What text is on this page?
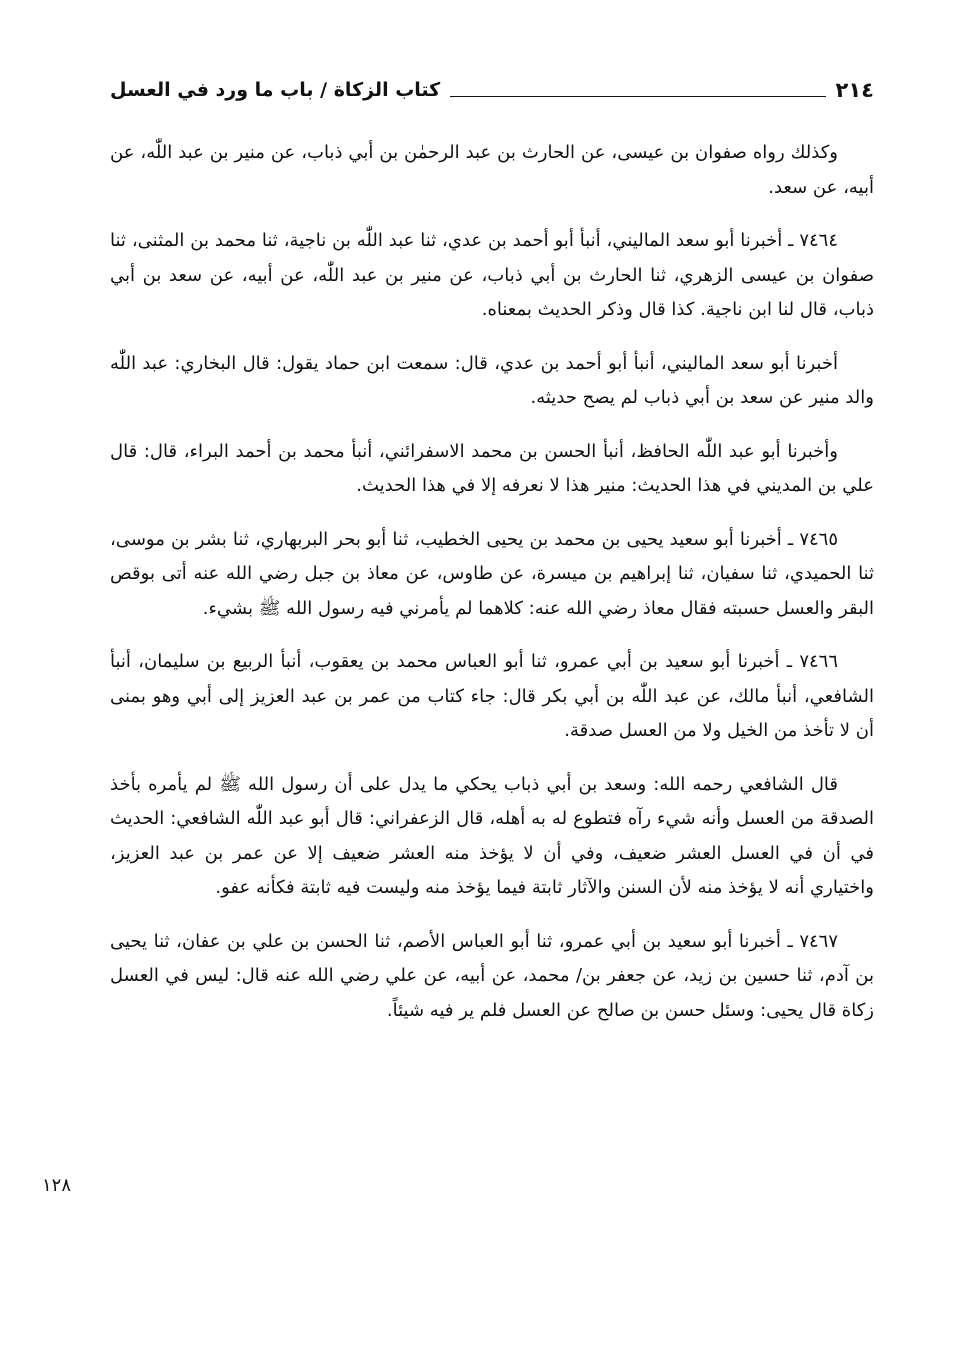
٢١٤
كتاب الزكاة / باب ما ورد في العسل

وكذلك رواه صفوان بن عيسى، عن الحارث بن عبد الرحمٰن بن أبي ذباب، عن منير بن عبد اللّٰه، عن أبيه، عن سعد.

٧٤٦٤ ـ أخبرنا أبو سعد الماليني، أنبأ أبو أحمد بن عدي، ثنا عبد اللّٰه بن ناجية، ثنا محمد بن المثنى، ثنا صفوان بن عيسى الزهري، ثنا الحارث بن أبي ذباب، عن منير بن عبد اللّٰه، عن أبيه، عن سعد بن أبي ذباب، قال لنا ابن ناجية. كذا قال وذكر الحديث بمعناه.

أخبرنا أبو سعد الماليني، أنبأ أبو أحمد بن عدي، قال: سمعت ابن حماد يقول: قال البخاري: عبد اللّٰه والد منير عن سعد بن أبي ذباب لم يصح حديثه.

وأخبرنا أبو عبد اللّٰه الحافظ، أنبأ الحسن بن محمد الاسفرائني، أنبأ محمد بن أحمد البراء، قال: قال علي بن المديني في هذا الحديث: منير هذا لا نعرفه إلا في هذا الحديث.

٧٤٦٥ ـ أخبرنا أبو سعيد يحيى بن محمد بن يحيى الخطيب، ثنا أبو بحر البربهاري، ثنا بشر بن موسى، ثنا الحميدي، ثنا سفيان، ثنا إبراهيم بن ميسرة، عن طاوس، عن معاذ بن جبل رضي الله عنه أتى بوقص البقر والعسل حسبته فقال معاذ رضي الله عنه: كلاهما لم يأمرني فيه رسول الله ﷺ بشيء.

٧٤٦٦ ـ أخبرنا أبو سعيد بن أبي عمرو، ثنا أبو العباس محمد بن يعقوب، أنبأ الربيع بن سليمان، أنبأ الشافعي، أنبأ مالك، عن عبد اللّٰه بن أبي بكر قال: جاء كتاب من عمر بن عبد العزيز إلى أبي وهو بمنى أن لا تأخذ من الخيل ولا من العسل صدقة.

قال الشافعي رحمه الله: وسعد بن أبي ذباب يحكي ما يدل على أن رسول الله ﷺ لم يأمره بأخذ الصدقة من العسل وأنه شيء رآه فتطوع له به أهله، قال الزعفراني: قال أبو عبد اللّٰه الشافعي: الحديث في أن في العسل العشر ضعيف، وفي أن لا يؤخذ منه العشر ضعيف إلا عن عمر بن عبد العزيز، واختياري أنه لا يؤخذ منه لأن السنن والآثار ثابتة فيما يؤخذ منه وليست فيه ثابتة فكأنه عفو.

٧٤٦٧ ـ أخبرنا أبو سعيد بن أبي عمرو، ثنا أبو العباس الأصم، ثنا الحسن بن علي بن عفان، ثنا يحيى بن آدم، ثنا حسين بن زيد، عن جعفر بن/ محمد، عن أبيه، عن علي رضي الله عنه قال: ليس في العسل زكاة قال يحيى: وسئل حسن بن صالح عن العسل فلم ير فيه شيئاً.

١٢٨
